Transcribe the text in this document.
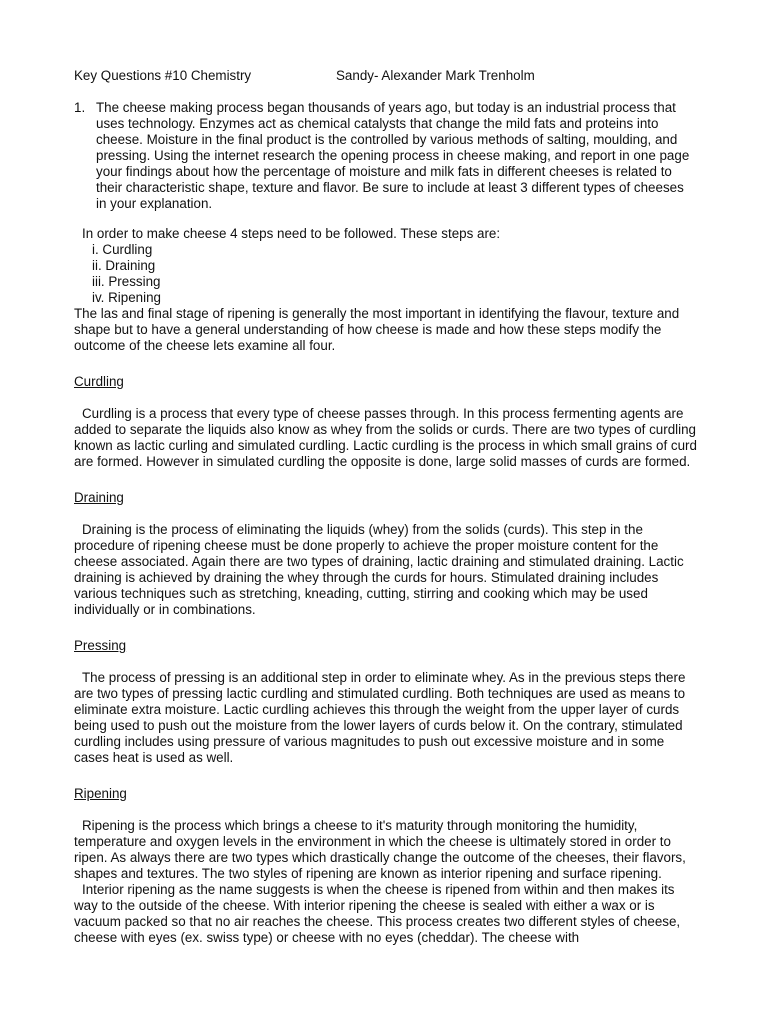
Key Questions #10 Chemistry	Sandy- Alexander Mark Trenholm
1. The cheese making process began thousands of years ago, but today is an industrial process that uses technology. Enzymes act as chemical catalysts that change the mild fats and proteins into cheese. Moisture in the final product is the controlled by various methods of salting, moulding, and pressing. Using the internet research the opening process in cheese making, and report in one page your findings about how the percentage of moisture and milk fats in different cheeses is related to their characteristic shape, texture and flavor. Be sure to include at least 3 different types of cheeses in your explanation.

In order to make cheese 4 steps need to be followed. These steps are:

i. Curdling
ii. Draining
iii. Pressing
iv. Ripening

The las and final stage of ripening is generally the most important in identifying the flavour, texture and shape but to have a general understanding of how cheese is made and how these steps modify the outcome of the cheese lets examine all four.

Curdling

Curdling is a process that every type of cheese passes through. In this process fermenting agents are added to separate the liquids also know as whey from the solids or curds. There are two types of curdling known as lactic curling and simulated curdling. Lactic curdling is the process in which small grains of curd are formed. However in simulated curdling the opposite is done, large solid masses of curds are formed.

Draining

Draining is the process of eliminating the liquids (whey) from the solids (curds). This step in the procedure of ripening cheese must be done properly to achieve the proper moisture content for the cheese associated. Again there are two types of draining, lactic draining and stimulated draining. Lactic draining is achieved by draining the whey through the curds for hours. Stimulated draining includes various techniques such as stretching, kneading, cutting, stirring and cooking which may be used individually or in combinations.

Pressing

The process of pressing is an additional step in order to eliminate whey. As in the previous steps there are two types of pressing lactic curdling and stimulated curdling. Both techniques are used as means to eliminate extra moisture. Lactic curdling achieves this through the weight from the upper layer of curds being used to push out the moisture from the lower layers of curds below it. On the contrary, stimulated curdling includes using pressure of various magnitudes to push out excessive moisture and in some cases heat is used as well.

Ripening

Ripening is the process which brings a cheese to it's maturity through monitoring the humidity, temperature and oxygen levels in the environment in which the cheese is ultimately stored in order to ripen. As always there are two types which drastically change the outcome of the cheeses, their flavors, shapes and textures. The two styles of ripening are known as interior ripening and surface ripening.

Interior ripening as the name suggests is when the cheese is ripened from within and then makes its way to the outside of the cheese. With interior ripening the cheese is sealed with either a wax or is vacuum packed so that no air reaches the cheese. This process creates two different styles of cheese, cheese with eyes (ex. swiss type) or cheese with no eyes (cheddar). The cheese with
